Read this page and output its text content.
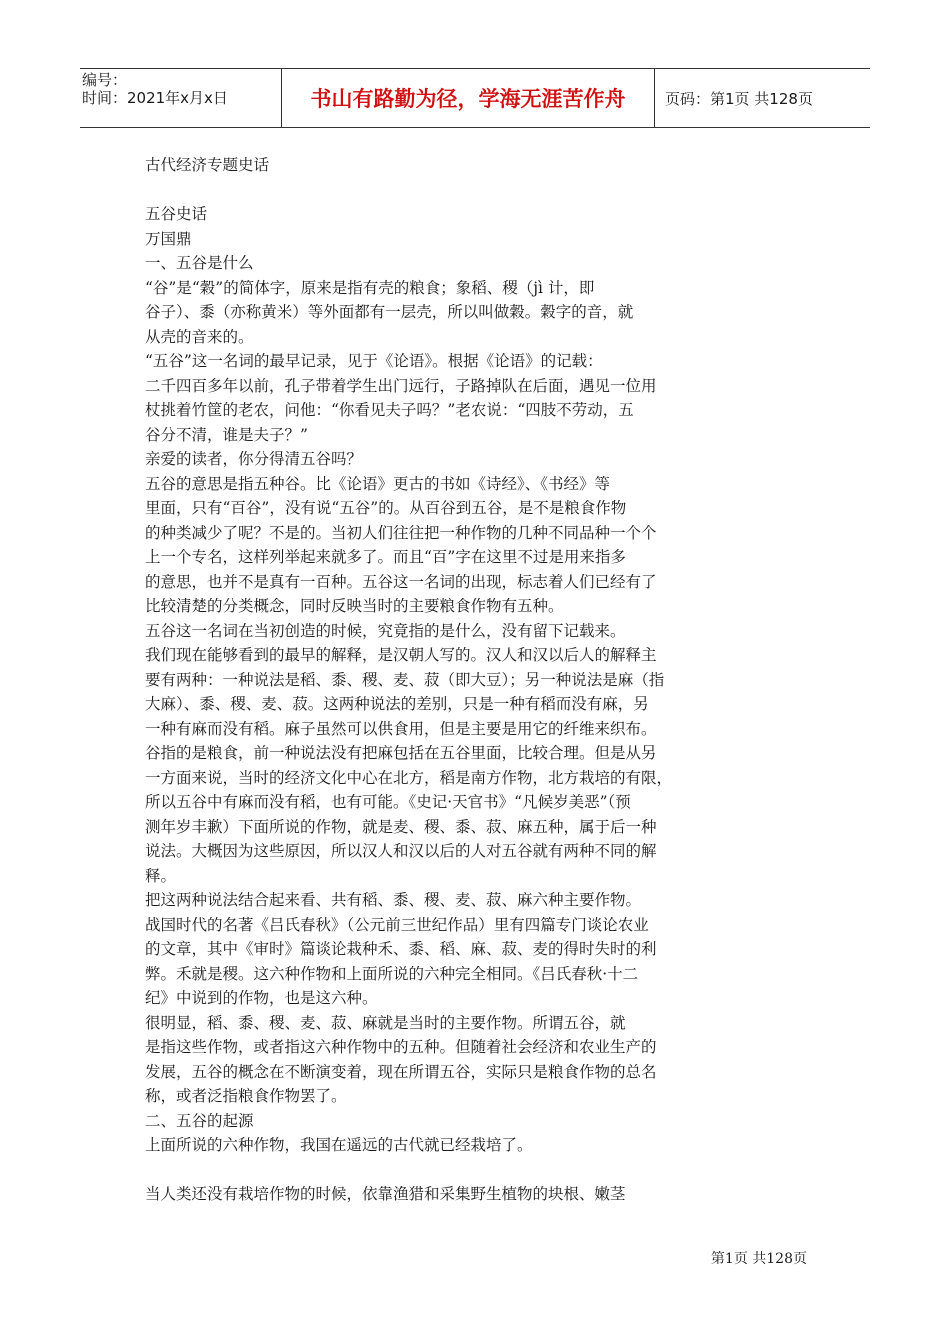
编号：
时间：2021年x月x日	书山有路勤为径，学海无涯苦作舟	页码：第1页 共128页

古代经济专题史话

五谷史话

万国鼎

一、五谷是什么

“谷”是“穀”的简体字，原来是指有壳的粮食；象稻、稷（jì 计，即

谷子）、黍（亦称黄米）等外面都有一层壳，所以叫做穀。穀字的音，就

从壳的音来的。

“五谷”这一名词的最早记录，见于《论语》。根据《论语》的记载：

二千四百多年以前，孔子带着学生出门远行，子路掉队在后面，遇见一位用

杖挑着竹筐的老农，问他：“你看见夫子吗？”老农说：“四肢不劳动，五

谷分不清，谁是夫子？”

亲爱的读者，你分得清五谷吗？

五谷的意思是指五种谷。比《论语》更古的书如《诗经》、《书经》等

里面，只有“百谷”，没有说“五谷”的。从百谷到五谷，是不是粮食作物

的种类减少了呢？不是的。当初人们往往把一种作物的几种不同品种一个个

上一个专名，这样列举起来就多了。而且“百”字在这里不过是用来指多

的意思，也并不是真有一百种。五谷这一名词的出现，标志着人们已经有了

比较清楚的分类概念，同时反映当时的主要粮食作物有五种。

五谷这一名词在当初创造的时候，究竟指的是什么，没有留下记载来。

我们现在能够看到的最早的解释，是汉朝人写的。汉人和汉以后人的解释主

要有两种：一种说法是稻、黍、稷、麦、菽（即大豆）；另一种说法是麻（指

大麻）、黍、稷、麦、菽。这两种说法的差别，只是一种有稻而没有麻，另

一种有麻而没有稻。麻子虽然可以供食用，但是主要是用它的纤维来织布。

谷指的是粮食，前一种说法没有把麻包括在五谷里面，比较合理。但是从另

一方面来说，当时的经济文化中心在北方，稻是南方作物，北方栽培的有限，

所以五谷中有麻而没有稻，也有可能。《史记·天官书》“凡候岁美恶”（预

测年岁丰歉）下面所说的作物，就是麦、稷、黍、菽、麻五种，属于后一种

说法。大概因为这些原因，所以汉人和汉以后的人对五谷就有两种不同的解

释。

把这两种说法结合起来看、共有稻、黍、稷、麦、菽、麻六种主要作物。

战国时代的名著《吕氏春秋》（公元前三世纪作品）里有四篇专门谈论农业

的文章，其中《审时》篇谈论栽种禾、黍、稻、麻、菽、麦的得时失时的利

弊。禾就是稷。这六种作物和上面所说的六种完全相同。《吕氏春秋·十二

纪》中说到的作物，也是这六种。

很明显，稻、黍、稷、麦、菽、麻就是当时的主要作物。所谓五谷，就

是指这些作物，或者指这六种作物中的五种。但随着社会经济和农业生产的

发展，五谷的概念在不断演变着，现在所谓五谷，实际只是粮食作物的总名

称，或者泛指粮食作物罢了。

二、五谷的起源

上面所说的六种作物，我国在遥远的古代就已经栽培了。

当人类还没有栽培作物的时候，依靠渔猎和采集野生植物的块根、嫩茎

第1页 共128页
